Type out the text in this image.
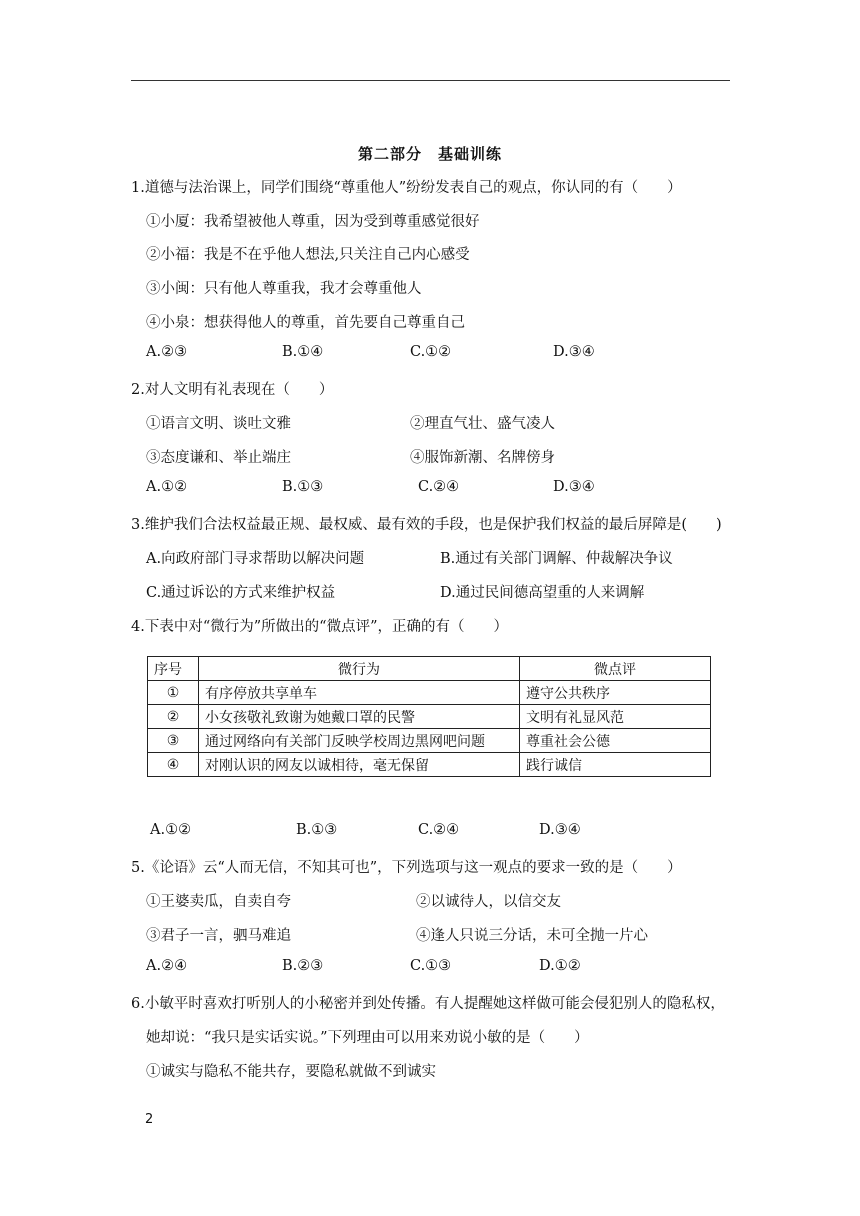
第二部分　基础训练
1.道德与法治课上，同学们围绕“尊重他人”纷纷发表自己的观点，你认同的有（　　）
①小厦：我希望被他人尊重，因为受到尊重感觉很好
②小福：我是不在乎他人想法,只关注自己内心感受
③小闽：只有他人尊重我，我才会尊重他人
④小泉：想获得他人的尊重，首先要自己尊重自己
A.②③	B.①④	C.①②	D.③④
2.对人文明有礼表现在（　　）
①语言文明、谈吐文雅	②理直气壮、盛气凌人
③态度谦和、举止端庄	④服饰新潮、名牌傍身
A.①②	B.①③	C.②④	D.③④
3.维护我们合法权益最正规、最权威、最有效的手段，也是保护我们权益的最后屏障是(　　)
A.向政府部门寻求帮助以解决问题	B.通过有关部门调解、仲裁解决争议
C.通过诉讼的方式来维护权益	D.通过民间德高望重的人来调解
4.下表中对“微行为”所做出的“微点评”，正确的有（　　）
序号	微行为	微点评
①	有序停放共享单车	遵守公共秩序
②	小女孩敬礼致谢为她戴口罩的民警	文明有礼显风范
③	通过网络向有关部门反映学校周边黑网吧问题	尊重社会公德
④	对刚认识的网友以诚相待，毫无保留	践行诚信
A.①②	B.①③	C.②④	D.③④
5.《论语》云“人而无信，不知其可也”，下列选项与这一观点的要求一致的是（　　）
①王婆卖瓜，自卖自夸	②以诚待人，以信交友
③君子一言，驷马难追	④逢人只说三分话，未可全抛一片心
A.②④	B.②③	C.①③	D.①②
6.小敏平时喜欢打听别人的小秘密并到处传播。有人提醒她这样做可能会侵犯别人的隐私权，
她却说：“我只是实话实说。”下列理由可以用来劝说小敏的是（　　）
①诚实与隐私不能共存，要隐私就做不到诚实
2
